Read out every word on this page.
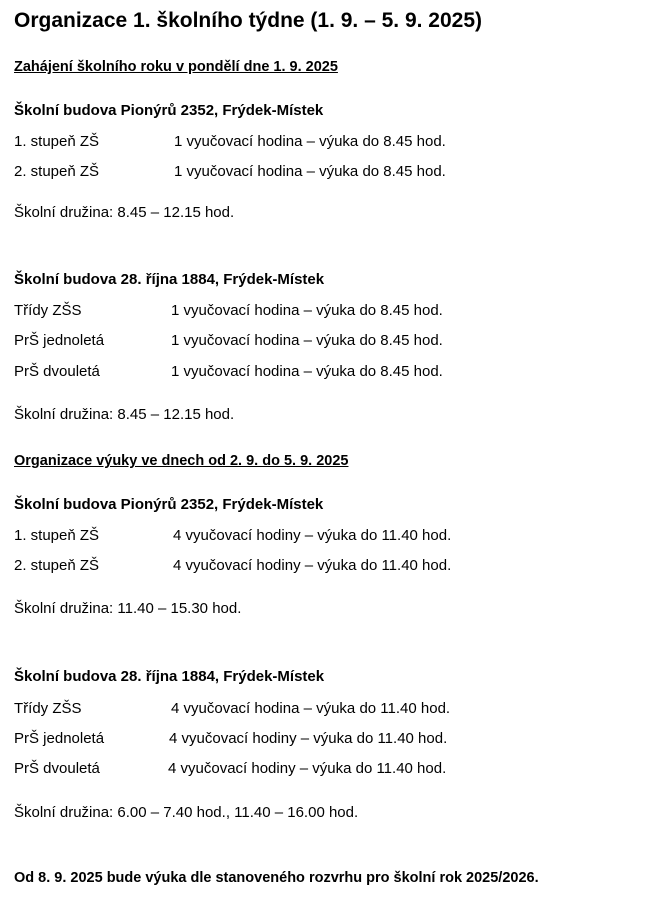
Organizace 1. školního týdne (1. 9. – 5. 9. 2025)
Zahájení školního roku v pondělí dne 1. 9. 2025
Školní budova Pionýrů 2352, Frýdek-Místek
1. stupeň ZŠ	1 vyučovací hodina – výuka do 8.45 hod.
2. stupeň ZŠ	1 vyučovací hodina – výuka do 8.45 hod.
Školní družina: 8.45 – 12.15 hod.
Školní budova 28. října 1884, Frýdek-Místek
Třídy ZŠS	1 vyučovací hodina – výuka do 8.45 hod.
PrŠ jednoletá	1 vyučovací hodina – výuka do 8.45 hod.
PrŠ dvouletá	1 vyučovací hodina – výuka do 8.45 hod.
Školní družina: 8.45 – 12.15 hod.
Organizace výuky ve dnech od 2. 9. do 5. 9. 2025
Školní budova Pionýrů 2352, Frýdek-Místek
1. stupeň ZŠ	4 vyučovací hodiny – výuka do 11.40 hod.
2. stupeň ZŠ	4 vyučovací hodiny – výuka do 11.40 hod.
Školní družina: 11.40 – 15.30 hod.
Školní budova 28. října 1884, Frýdek-Místek
Třídy ZŠS	4 vyučovací hodina – výuka do 11.40 hod.
PrŠ jednoletá	4 vyučovací hodiny – výuka do 11.40 hod.
PrŠ dvouletá	4 vyučovací hodiny – výuka do 11.40 hod.
Školní družina: 6.00 – 7.40 hod., 11.40 – 16.00 hod.
Od 8. 9. 2025 bude výuka dle stanoveného rozvrhu pro školní rok 2025/2026.
